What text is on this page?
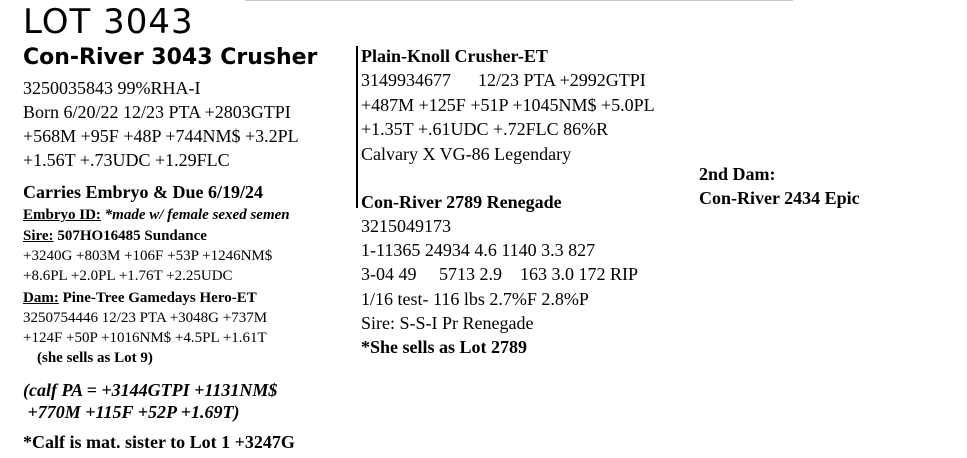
LOT 3043
Con-River 3043 Crusher
3250035843 99%RHA-I
Born 6/20/22 12/23 PTA +2803GTPI
+568M +95F +48P +744NM$ +3.2PL
+1.56T +.73UDC +1.29FLC
Carries Embryo & Due 6/19/24
Embryo ID: *made w/ female sexed semen
Sire: 507HO16485 Sundance
+3240G +803M +106F +53P +1246NM$
+8.6PL +2.0PL +1.76T +2.25UDC
Dam: Pine-Tree Gamedays Hero-ET
3250754446 12/23 PTA +3048G +737M
+124F +50P +1016NM$ +4.5PL +1.61T
(she sells as Lot 9)
(calf PA = +3144GTPI +1131NM$
+770M +115F +52P +1.69T)
*Calf is mat. sister to Lot 1 +3247G
Plain-Knoll Crusher-ET
3149934677      12/23 PTA +2992GTPI
+487M +125F +51P +1045NM$ +5.0PL
+1.35T +.61UDC +.72FLC 86%R
Calvary X VG-86 Legendary
Con-River 2789 Renegade
3215049173
1-11365 24934 4.6 1140 3.3 827
3-04 49     5713 2.9    163 3.0 172 RIP
1/16 test- 116 lbs 2.7%F 2.8%P
Sire: S-S-I Pr Renegade
*She sells as Lot 2789
2nd Dam:
Con-River 2434 Epic
